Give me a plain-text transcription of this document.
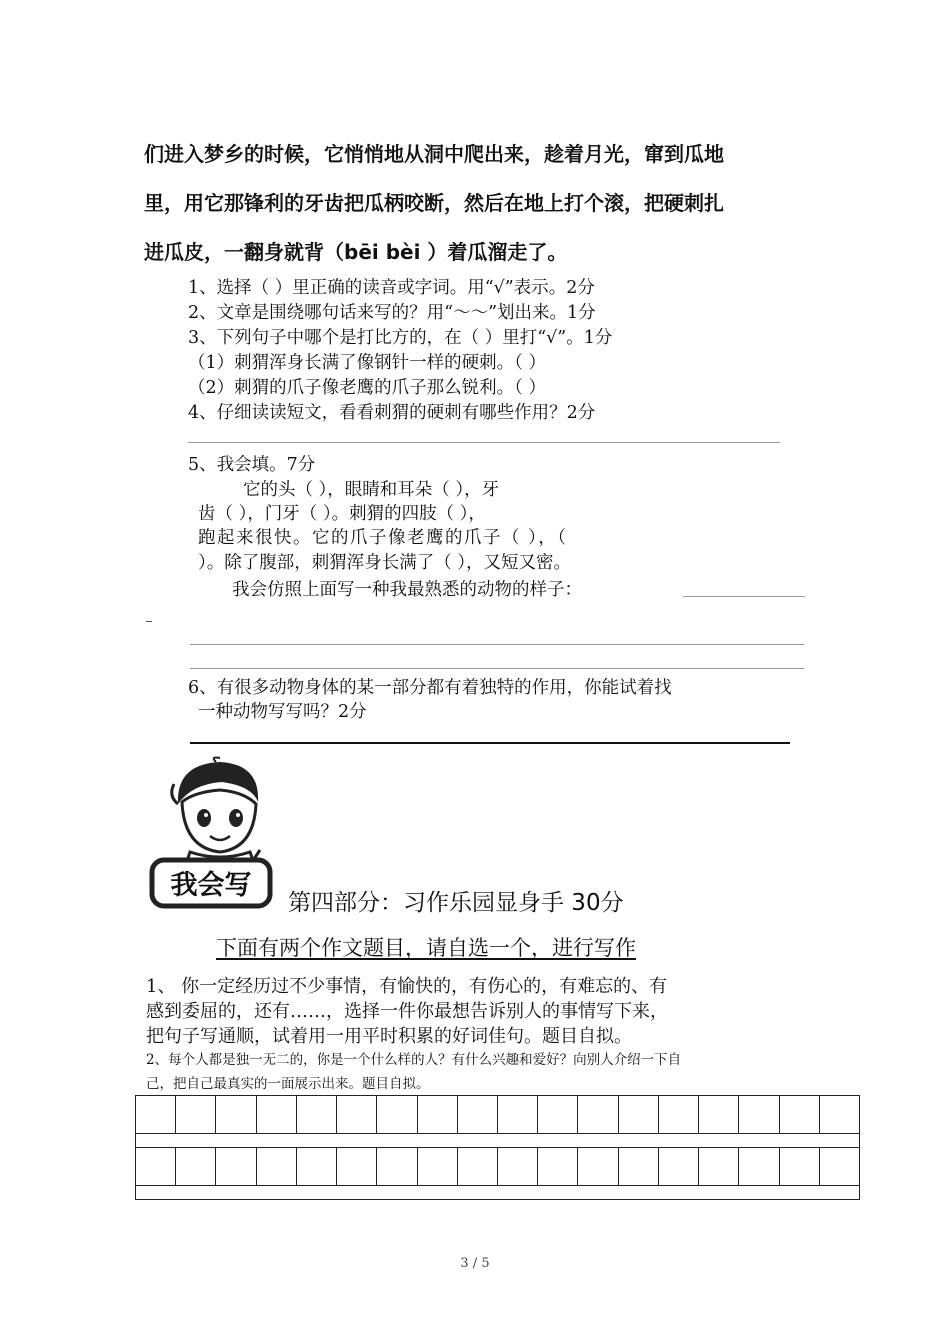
们进入梦乡的时候，它悄悄地从洞中爬出来，趁着月光，窜到瓜地
里，用它那锋利的牙齿把瓜柄咬断，然后在地上打个滚，把硬刺扎
进瓜皮，一翻身就背（bēi bèi ）着瓜溜走了。
1、选择（ ）里正确的读音或字词。用“√”表示。2分
2、文章是围绕哪句话来写的？用“～～”划出来。1分
3、下列句子中哪个是打比方的，在（ ）里打“√”。1分
（1）刺猬浑身长满了像钢针一样的硬刺。（ ）
（2）刺猬的爪子像老鹰的爪子那么锐利。（ ）
4、仔细读读短文，看看刺猬的硬刺有哪些作用？2分
5、我会填。7分
它的头（ ），眼睛和耳朵（ ），牙
齿（ ），门牙（ ）。刺猬的四肢（ ），
跑起来很快。它的爪子像老鹰的爪子（ ），（
）。除了腹部，刺猬浑身长满了（ ），又短又密。
我会仿照上面写一种我最熟悉的动物的样子：
6、有很多动物身体的某一部分都有着独特的作用，你能试着找
一种动物写写吗？2分
我会写
第四部分：习作乐园显身手 30分
下面有两个作文题目，请自选一个，进行写作
1、 你一定经历过不少事情，有愉快的，有伤心的，有难忘的、有
感到委屈的，还有……，选择一件你最想告诉别人的事情写下来，
把句子写通顺，试着用一用平时积累的好词佳句。题目自拟。
2、每个人都是独一无二的，你是一个什么样的人？有什么兴趣和爱好？向别人介绍一下自
己，把自己最真实的一面展示出来。题目自拟。

3 / 5
